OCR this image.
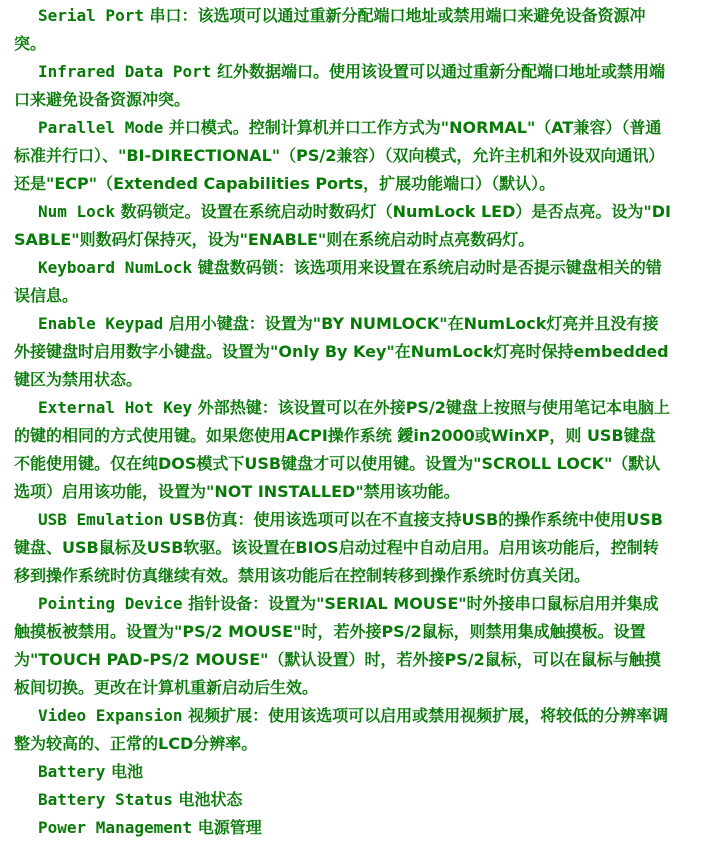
Serial Port 串口：该选项可以通过重新分配端口地址或禁用端口来避免设备资源冲突。

Infrared Data Port 红外数据端口。使用该设置可以通过重新分配端口地址或禁用端口来避免设备资源冲突。

Parallel Mode 并口模式。控制计算机并口工作方式为"NORMAL"（AT兼容）（普通标准并行口）、"BI-DIRECTIONAL"（PS/2兼容）（双向模式，允许主机和外设双向通讯）还是"ECP"（Extended Capabilities Ports，扩展功能端口）（默认）。

Num Lock 数码锁定。设置在系统启动时数码灯（NumLock LED）是否点亮。设为"DISABLE"则数码灯保持灭，设为"ENABLE"则在系统启动时点亮数码灯。

Keyboard NumLock 键盘数码锁：该选项用来设置在系统启动时是否提示键盘相关的错误信息。

Enable Keypad 启用小键盘：设置为"BY NUMLOCK"在NumLock灯亮并且没有接外接键盘时启用数字小键盘。设置为"Only By Key"在NumLock灯亮时保持embedded键区为禁用状态。

External Hot Key 外部热键：该设置可以在外接PS/2键盘上按照与使用笔记本电脑上的键的相同的方式使用键。如果您使用ACPI操作系统 鑀in2000或WinXP，则 USB键盘不能使用键。仅在纯DOS模式下USB键盘才可以使用键。设置为"SCROLL LOCK"（默认选项）启用该功能，设置为"NOT INSTALLED"禁用该功能。

USB Emulation USB仿真：使用该选项可以在不直接支持USB的操作系统中使用USB键盘、USB鼠标及USB软驱。该设置在BIOS启动过程中自动启用。启用该功能后，控制转移到操作系统时仿真继续有效。禁用该功能后在控制转移到操作系统时仿真关闭。

Pointing Device 指针设备：设置为"SERIAL MOUSE"时外接串口鼠标启用并集成触摸板被禁用。设置为"PS/2 MOUSE"时，若外接PS/2鼠标，则禁用集成触摸板。设置为"TOUCH PAD-PS/2 MOUSE"（默认设置）时，若外接PS/2鼠标，可以在鼠标与触摸板间切换。更改在计算机重新启动后生效。

Video Expansion 视频扩展：使用该选项可以启用或禁用视频扩展，将较低的分辨率调整为较高的、正常的LCD分辨率。

Battery 电池

Battery Status 电池状态

Power Management 电源管理
